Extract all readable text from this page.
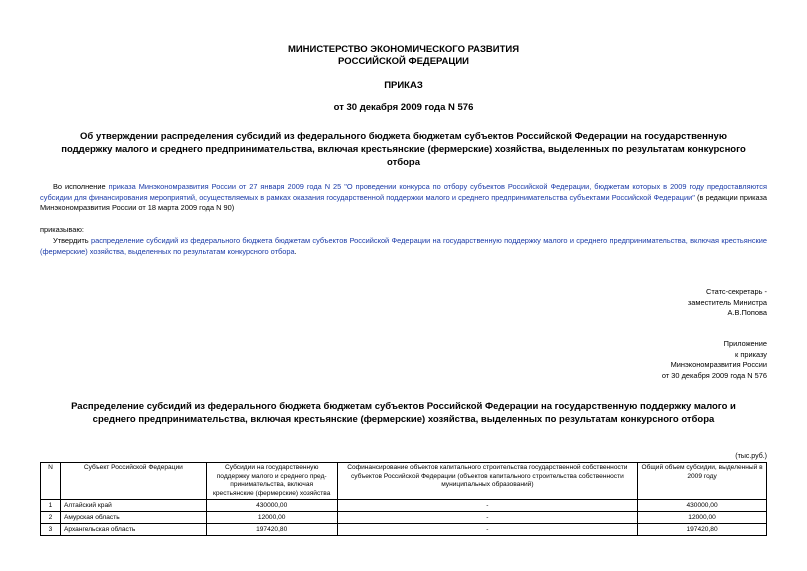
МИНИСТЕРСТВО ЭКОНОМИЧЕСКОГО РАЗВИТИЯ
РОССИЙСКОЙ ФЕДЕРАЦИИ
ПРИКАЗ
от 30 декабря 2009 года N 576
Об утверждении распределения субсидий из федерального бюджета бюджетам субъектов Российской Федерации на государственную поддержку малого и среднего предпринимательства, включая крестьянские (фермерские) хозяйства, выделенных по результатам конкурсного отбора
Во исполнение приказа Минэкономразвития России от 27 января 2009 года N 25 "О проведении конкурса по отбору субъектов Российской Федерации, бюджетам которых в 2009 году предоставляются субсидии для финансирования мероприятий, осуществляемых в рамках оказания государственной поддержки малого и среднего предпринимательства субъектами Российской Федерации" (в редакции приказа Минэкономразвития России от 18 марта 2009 года N 90)
приказываю:
Утвердить распределение субсидий из федерального бюджета бюджетам субъектов Российской Федерации на государственную поддержку малого и среднего предпринимательства, включая крестьянские (фермерские) хозяйства, выделенных по результатам конкурсного отбора.
Статс-секретарь -
заместитель Министра
А.В.Попова
Приложение
к приказу
Минэкономразвития России
от 30 декабря 2009 года N 576
Распределение субсидий из федерального бюджета бюджетам субъектов Российской Федерации на государственную поддержку малого и среднего предпринимательства, включая крестьянские (фермерские) хозяйства, выделенных по результатам конкурсного отбора
(тыс.руб.)
N	Субъект Российской Федерации	Субсидии на государственную поддержку малого и среднего пред-принимательства, включая крестьянские (фермерские) хозяйства	Софинансирование объектов капитального строительства государственной собственности субъектов Российской Федерации (объектов капитального строительства собственности муниципальных образований)	Общий объем субсидии, выделенный в 2009 году
1	Алтайский край	430000,00	-	430000,00
2	Амурская область	12000,00	-	12000,00
3	Архангельская область	197420,80	-	197420,80
